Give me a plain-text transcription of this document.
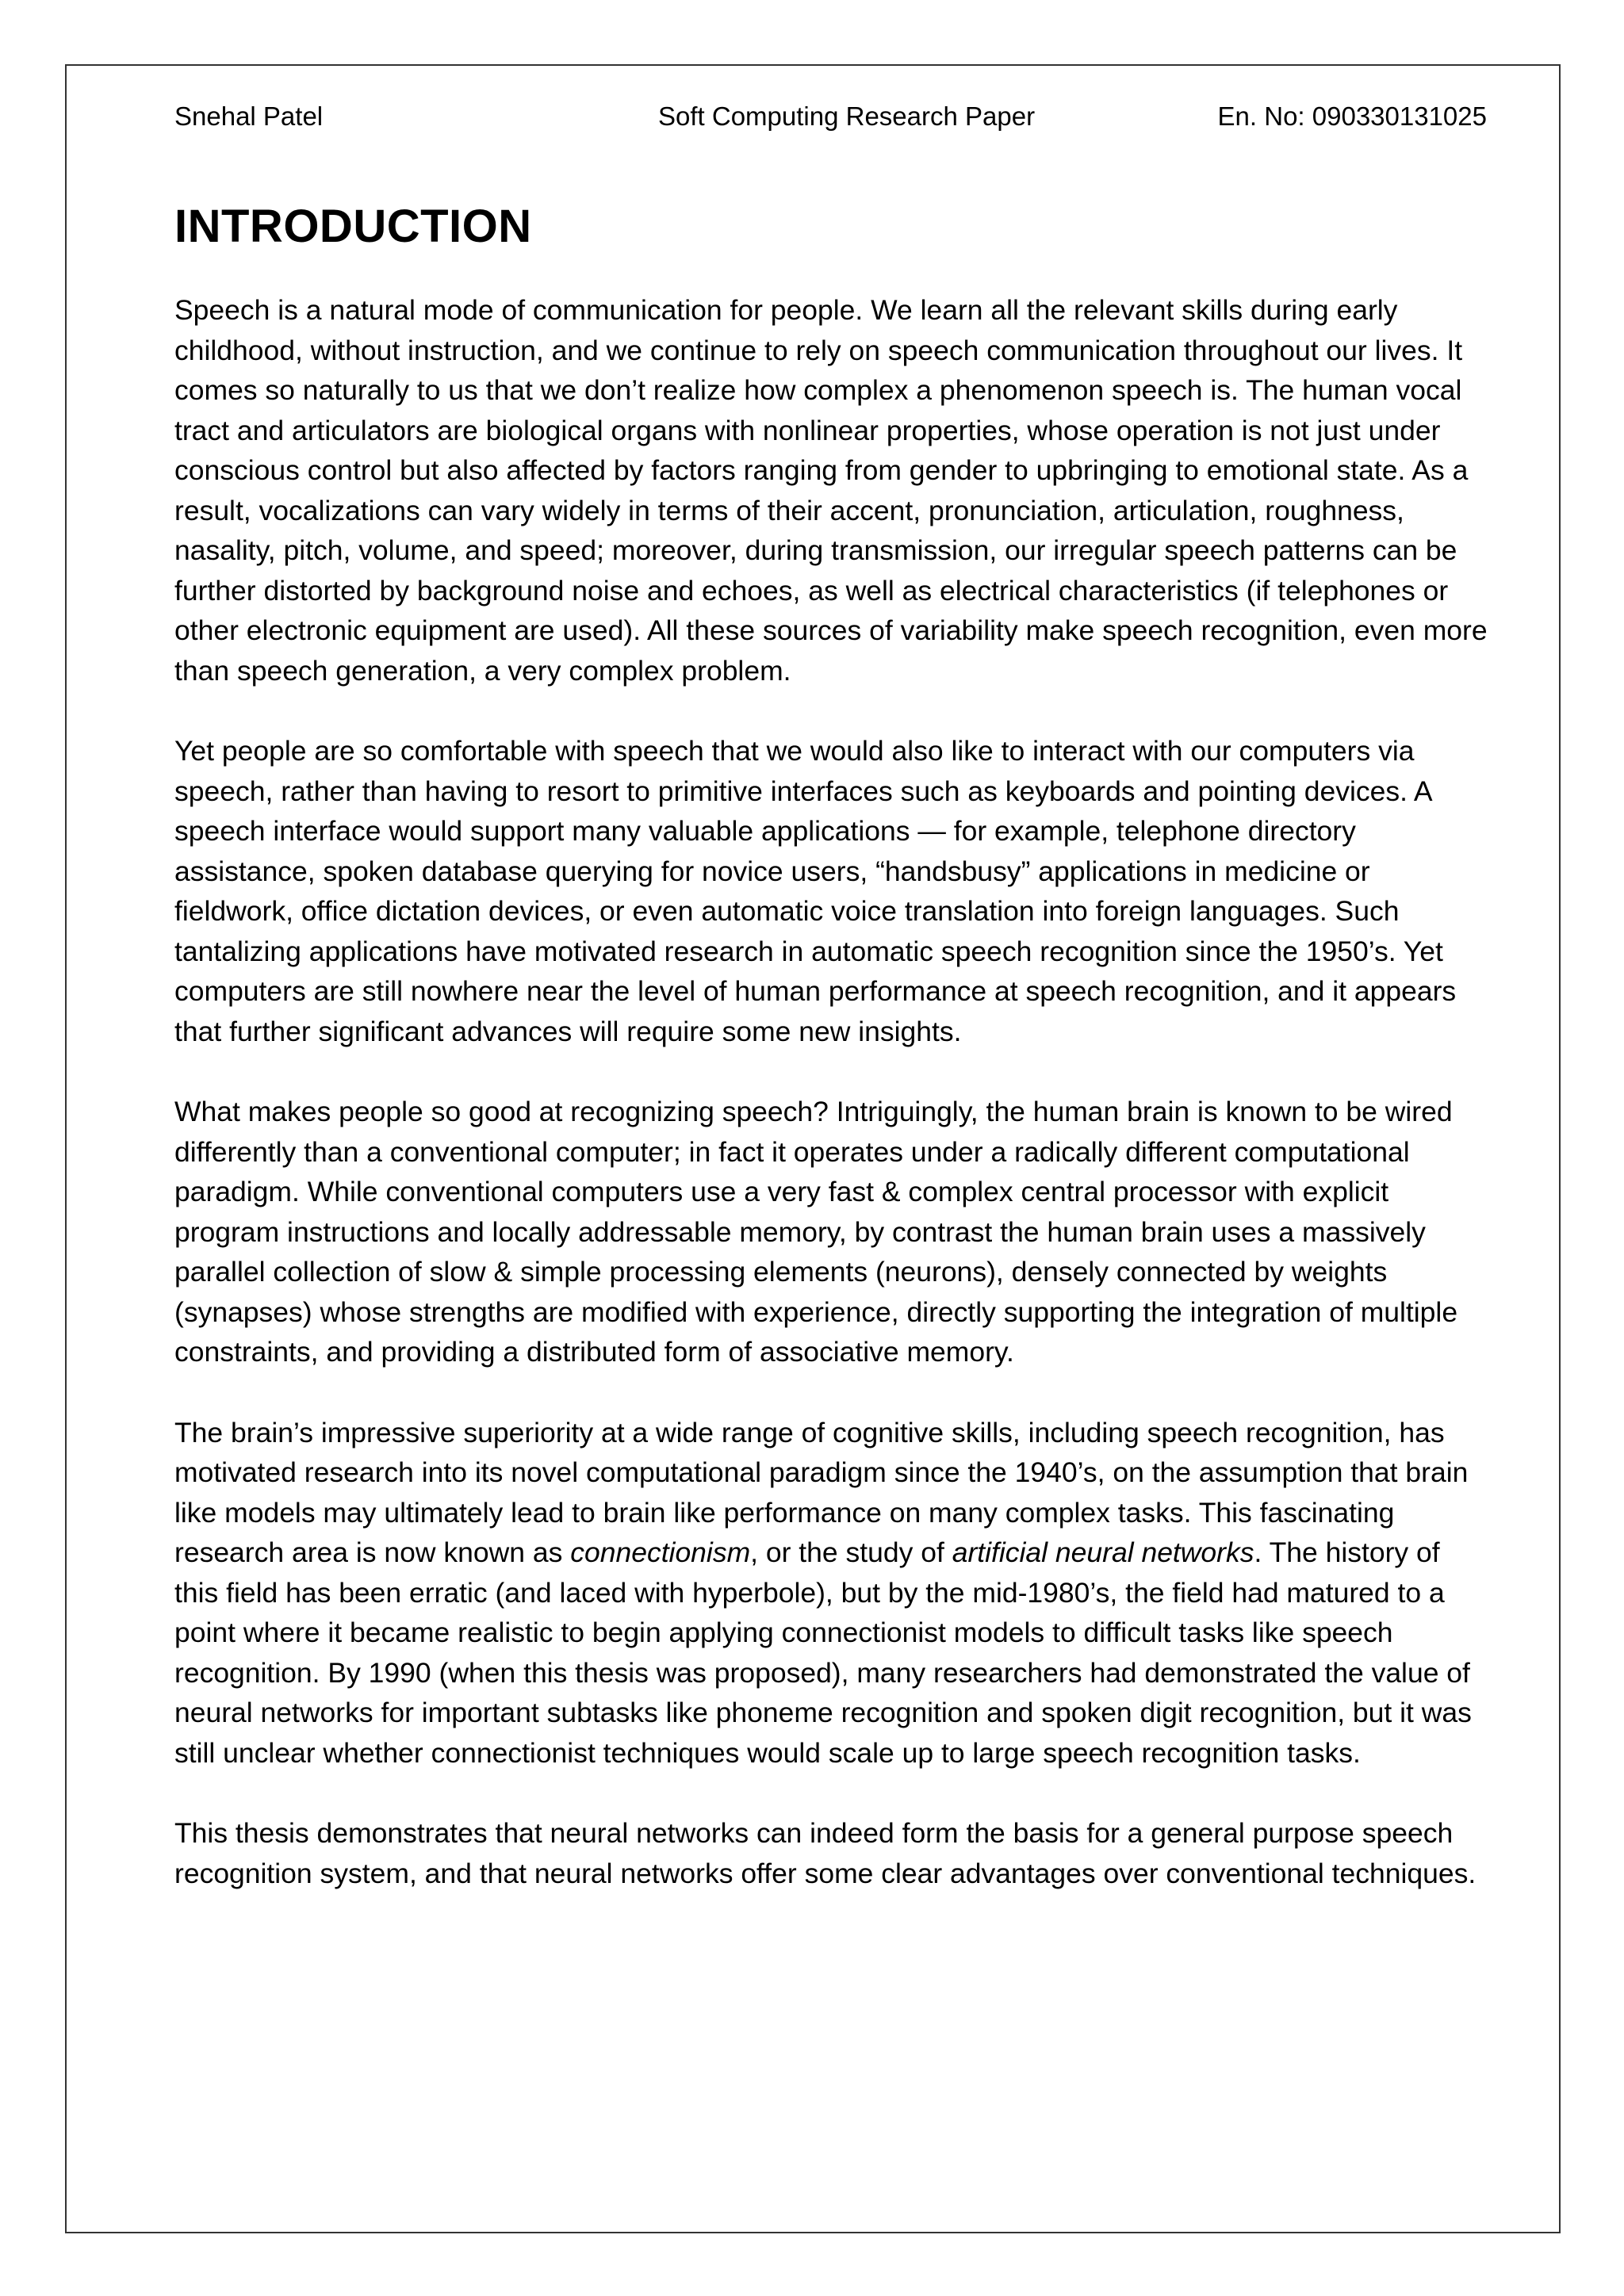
Snehal Patel	Soft Computing Research Paper	En. No: 090330131025
INTRODUCTION

Speech is a natural mode of communication for people. We learn all the relevant skills during early childhood, without instruction, and we continue to rely on speech communication throughout our lives. It comes so naturally to us that we don’t realize how complex a phenomenon speech is. The human vocal tract and articulators are biological organs with nonlinear properties, whose operation is not just under conscious control but also affected by factors ranging from gender to upbringing to emotional state. As a result, vocalizations can vary widely in terms of their accent, pronunciation, articulation, roughness, nasality, pitch, volume, and speed; moreover, during transmission, our irregular speech patterns can be further distorted by background noise and echoes, as well as electrical characteristics (if telephones or other electronic equipment are used). All these sources of variability make speech recognition, even more than speech generation, a very complex problem.

Yet people are so comfortable with speech that we would also like to interact with our computers via speech, rather than having to resort to primitive interfaces such as keyboards and pointing devices. A speech interface would support many valuable applications — for example, telephone directory assistance, spoken database querying for novice users, “handsbusy” applications in medicine or fieldwork, office dictation devices, or even automatic voice translation into foreign languages. Such tantalizing applications have motivated research in automatic speech recognition since the 1950’s. Yet computers are still nowhere near the level of human performance at speech recognition, and it appears that further significant advances will require some new insights.

What makes people so good at recognizing speech? Intriguingly, the human brain is known to be wired differently than a conventional computer; in fact it operates under a radically different computational paradigm. While conventional computers use a very fast & complex central processor with explicit program instructions and locally addressable memory, by contrast the human brain uses a massively parallel collection of slow & simple processing elements (neurons), densely connected by weights (synapses) whose strengths are modified with experience, directly supporting the integration of multiple constraints, and providing a distributed form of associative memory.

The brain’s impressive superiority at a wide range of cognitive skills, including speech recognition, has motivated research into its novel computational paradigm since the 1940’s, on the assumption that brain like models may ultimately lead to brain like performance on many complex tasks. This fascinating research area is now known as connectionism, or the study of artificial neural networks. The history of this field has been erratic (and laced with hyperbole), but by the mid-1980’s, the field had matured to a point where it became realistic to begin applying connectionist models to difficult tasks like speech recognition. By 1990 (when this thesis was proposed), many researchers had demonstrated the value of neural networks for important subtasks like phoneme recognition and spoken digit recognition, but it was still unclear whether connectionist techniques would scale up to large speech recognition tasks.

This thesis demonstrates that neural networks can indeed form the basis for a general purpose speech recognition system, and that neural networks offer some clear advantages over conventional techniques.
